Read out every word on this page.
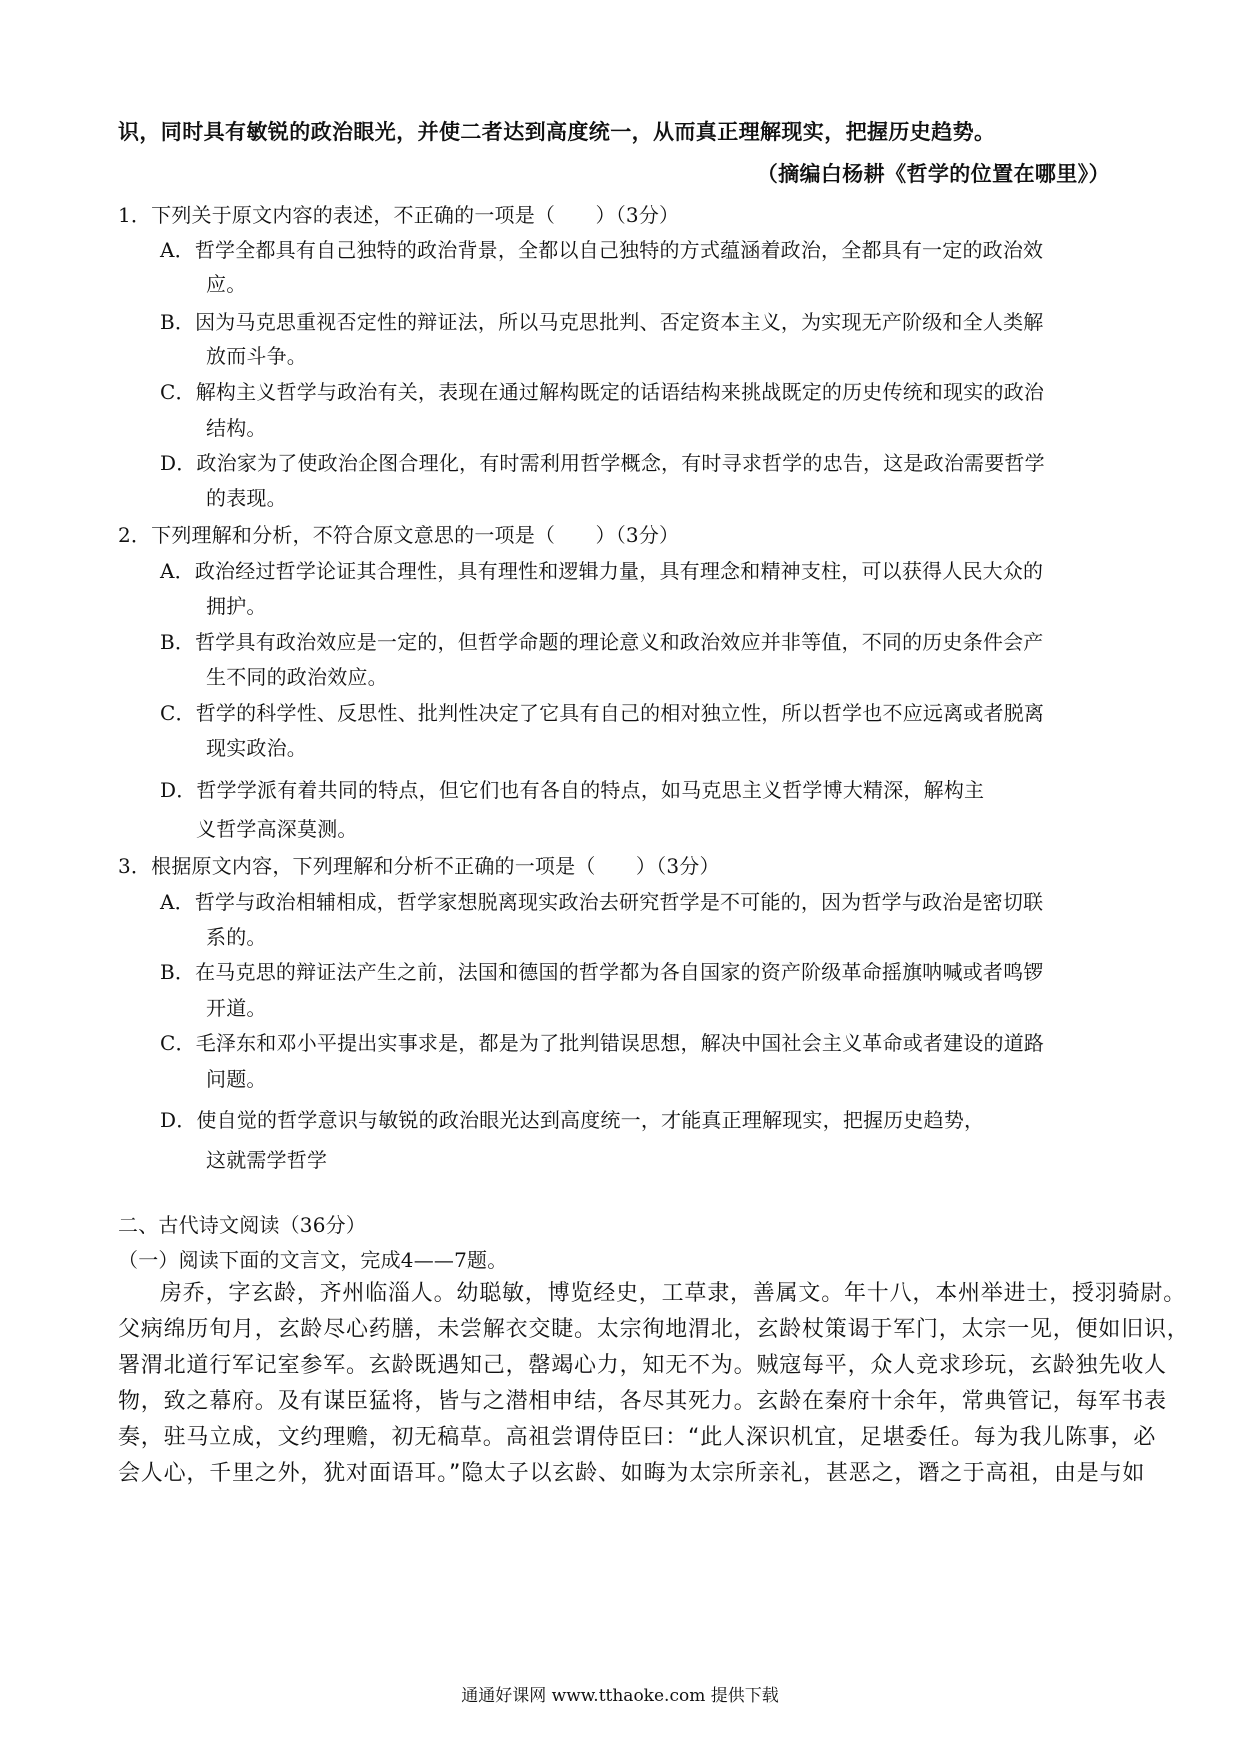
识，同时具有敏锐的政治眼光，并使二者达到高度统一，从而真正理解现实，把握历史趋势。
（摘编白杨耕《哲学的位置在哪里》）
1．下列关于原文内容的表述，不正确的一项是（　　）（3分）
A．哲学全都具有自己独特的政治背景，全都以自己独特的方式蕴涵着政治，全都具有一定的政治效
应。
B．因为马克思重视否定性的辩证法，所以马克思批判、否定资本主义，为实现无产阶级和全人类解
放而斗争。
C．解构主义哲学与政治有关，表现在通过解构既定的话语结构来挑战既定的历史传统和现实的政治
结构。
D．政治家为了使政治企图合理化，有时需利用哲学概念，有时寻求哲学的忠告，这是政治需要哲学
的表现。
2．下列理解和分析，不符合原文意思的一项是（　　）（3分）
A．政治经过哲学论证其合理性，具有理性和逻辑力量，具有理念和精神支柱，可以获得人民大众的
拥护。
B．哲学具有政治效应是一定的，但哲学命题的理论意义和政治效应并非等值，不同的历史条件会产
生不同的政治效应。
C．哲学的科学性、反思性、批判性决定了它具有自己的相对独立性，所以哲学也不应远离或者脱离
现实政治。
D．哲学学派有着共同的特点，但它们也有各自的特点，如马克思主义哲学博大精深，解构主
义哲学高深莫测。
3．根据原文内容，下列理解和分析不正确的一项是（　　）（3分）
A．哲学与政治相辅相成，哲学家想脱离现实政治去研究哲学是不可能的，因为哲学与政治是密切联
系的。
B．在马克思的辩证法产生之前，法国和德国的哲学都为各自国家的资产阶级革命摇旗呐喊或者鸣锣
开道。
C．毛泽东和邓小平提出实事求是，都是为了批判错误思想，解决中国社会主义革命或者建设的道路
问题。
D．使自觉的哲学意识与敏锐的政治眼光达到高度统一，才能真正理解现实，把握历史趋势，
这就需学哲学
二、古代诗文阅读（36分）
（一）阅读下面的文言文，完成4——7题。
房乔，字玄龄，齐州临淄人。幼聪敏，博览经史，工草隶，善属文。年十八，本州举进士，授羽骑尉。
父病绵历旬月，玄龄尽心药膳，未尝解衣交睫。太宗徇地渭北，玄龄杖策谒于军门，太宗一见，便如旧识，
署渭北道行军记室参军。玄龄既遇知己，罄竭心力，知无不为。贼寇每平，众人竞求珍玩，玄龄独先收人
物，致之幕府。及有谋臣猛将，皆与之潜相申结，各尽其死力。玄龄在秦府十余年，常典管记，每军书表
奏，驻马立成，文约理赡，初无稿草。高祖尝谓侍臣曰：“此人深识机宜，足堪委任。每为我儿陈事，必
会人心，千里之外，犹对面语耳。”隐太子以玄龄、如晦为太宗所亲礼，甚恶之，谮之于高祖，由是与如
通通好课网 www.tthaoke.com 提供下载
